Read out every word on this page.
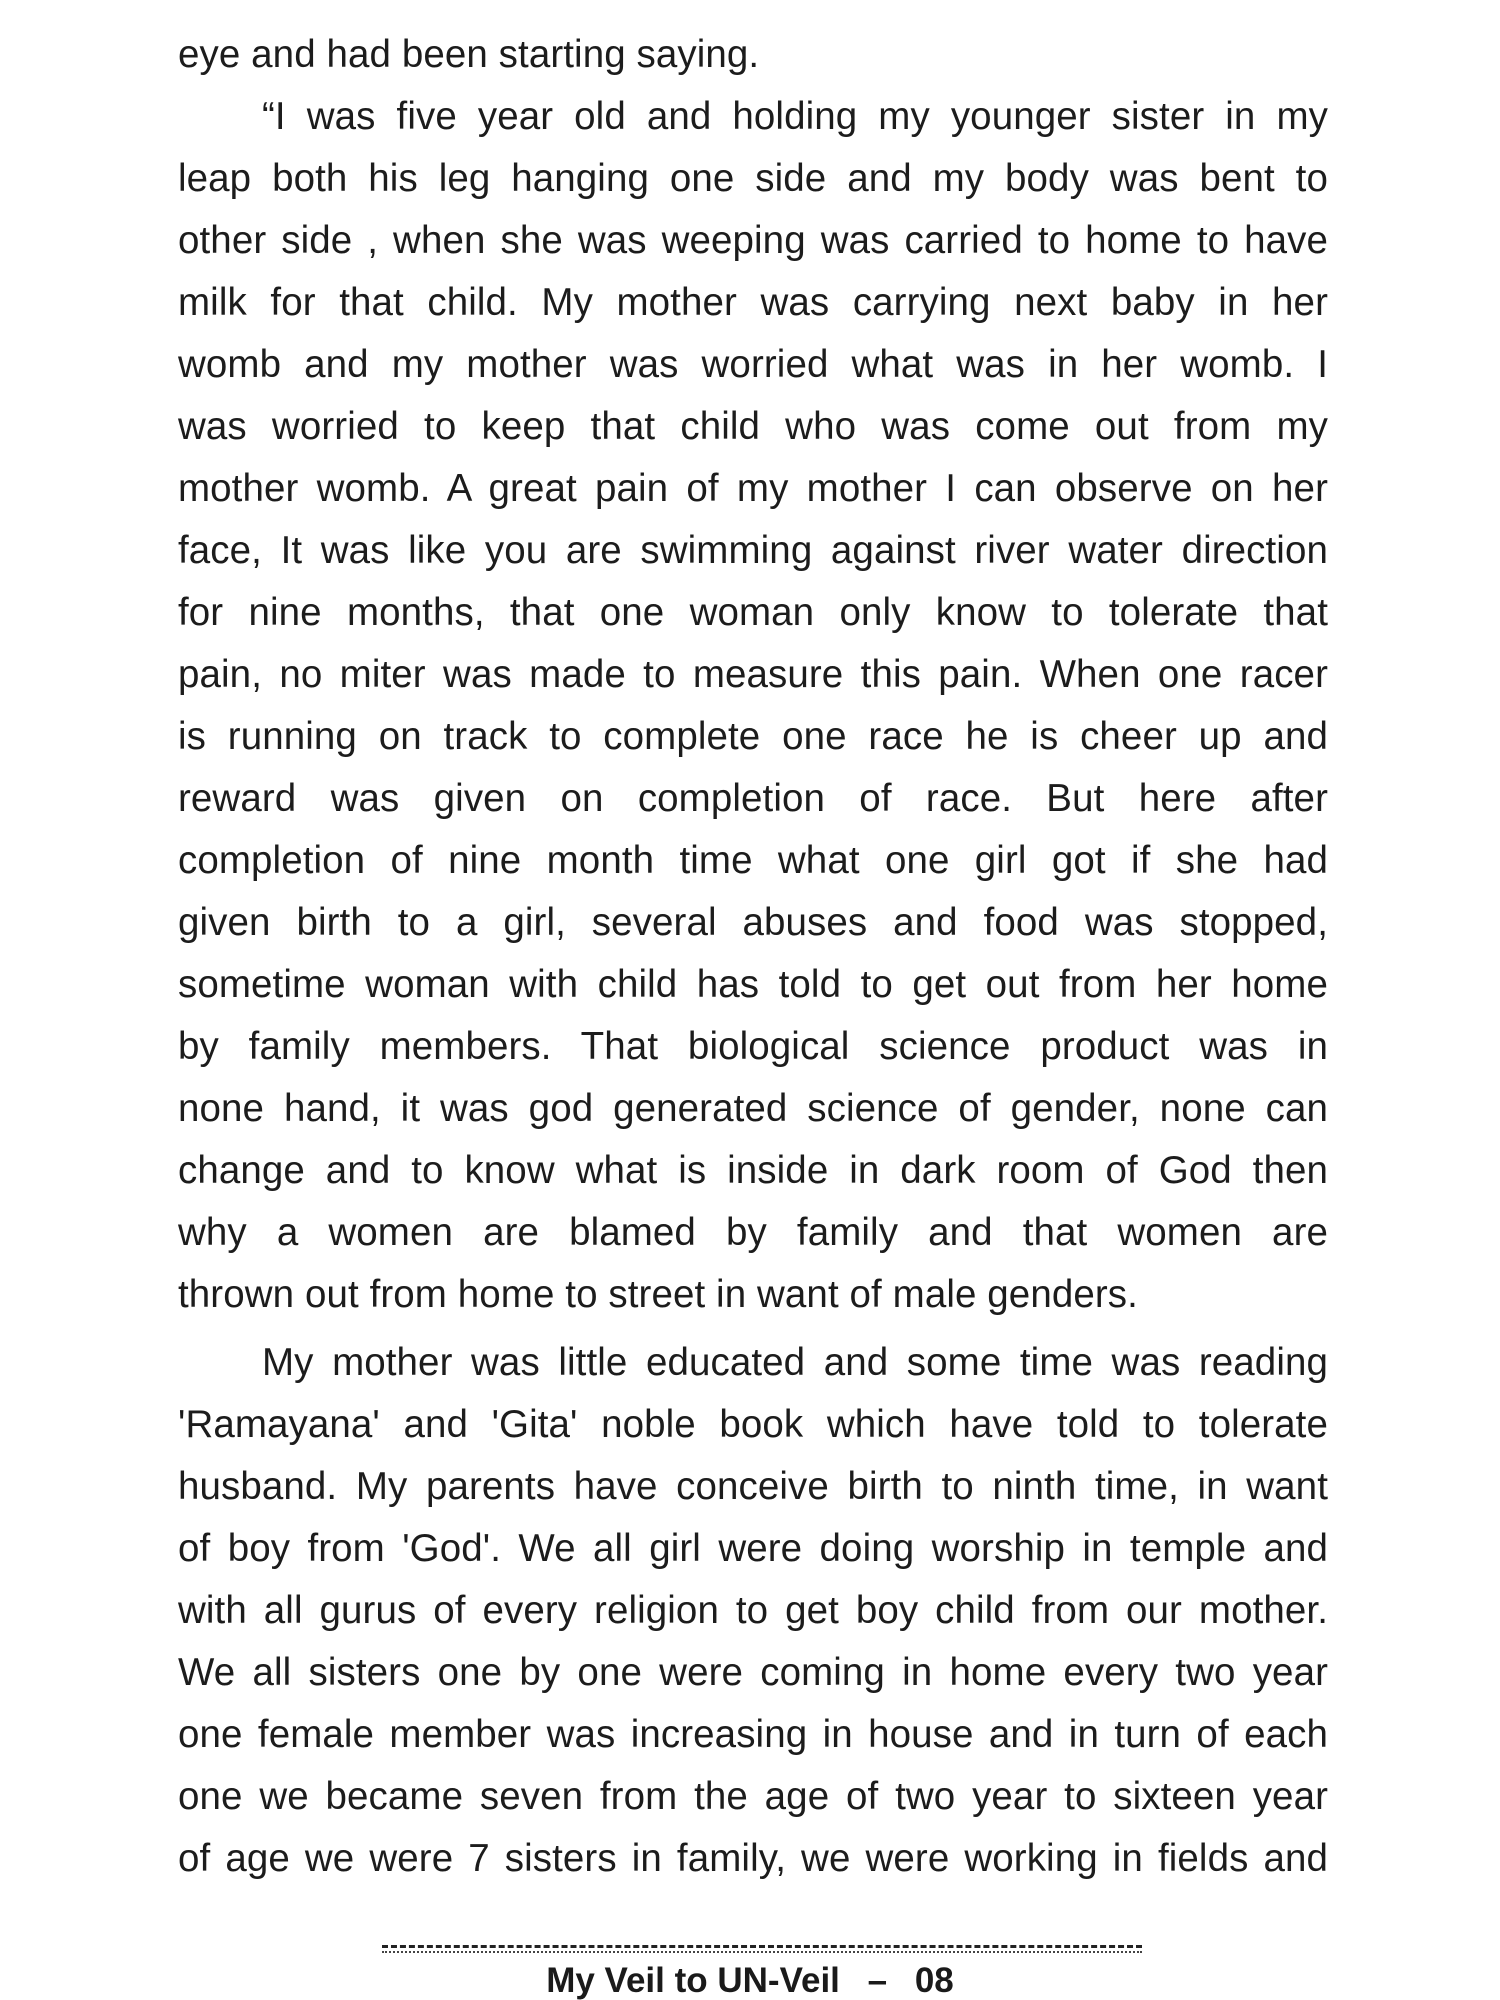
eye and had been starting saying.
“I was five year old and holding my younger sister in my
leap both his leg hanging one side and my body was bent to
other side , when she was weeping was carried to home to have
milk for that child. My mother was carrying next baby in her
womb and my mother was worried what was in her womb. I
was worried to keep that child who was come out from my
mother womb. A great pain of my mother I can observe on her
face, It was like you are swimming against river water direction
for nine months, that one woman only know to tolerate that
pain, no miter was made to measure this pain. When one racer
is running on track to complete one race he is cheer up and
reward was given on completion of race. But here after
completion of nine month time what one girl got if she had
given birth to a girl, several abuses and food was stopped,
sometime woman with child has told to get out from her home
by family members. That biological science product was in
none hand, it was god generated science of gender, none can
change and to know what is inside in dark room of God then
why a women are blamed by family and that women are
thrown out from home to street in want of male genders.
My mother was little educated and some time was reading
'Ramayana' and 'Gita' noble book which have told to tolerate
husband. My parents have conceive birth to ninth time, in want
of boy from 'God'. We all girl were doing worship in temple and
with all gurus of every religion to get boy child from our mother.
We all sisters one by one were coming in home every two year
one female member was increasing in house and in turn of each
one we became seven from the age of two year to sixteen year
of age we were 7 sisters in family, we were working in fields and
My Veil to UN-Veil – 08
